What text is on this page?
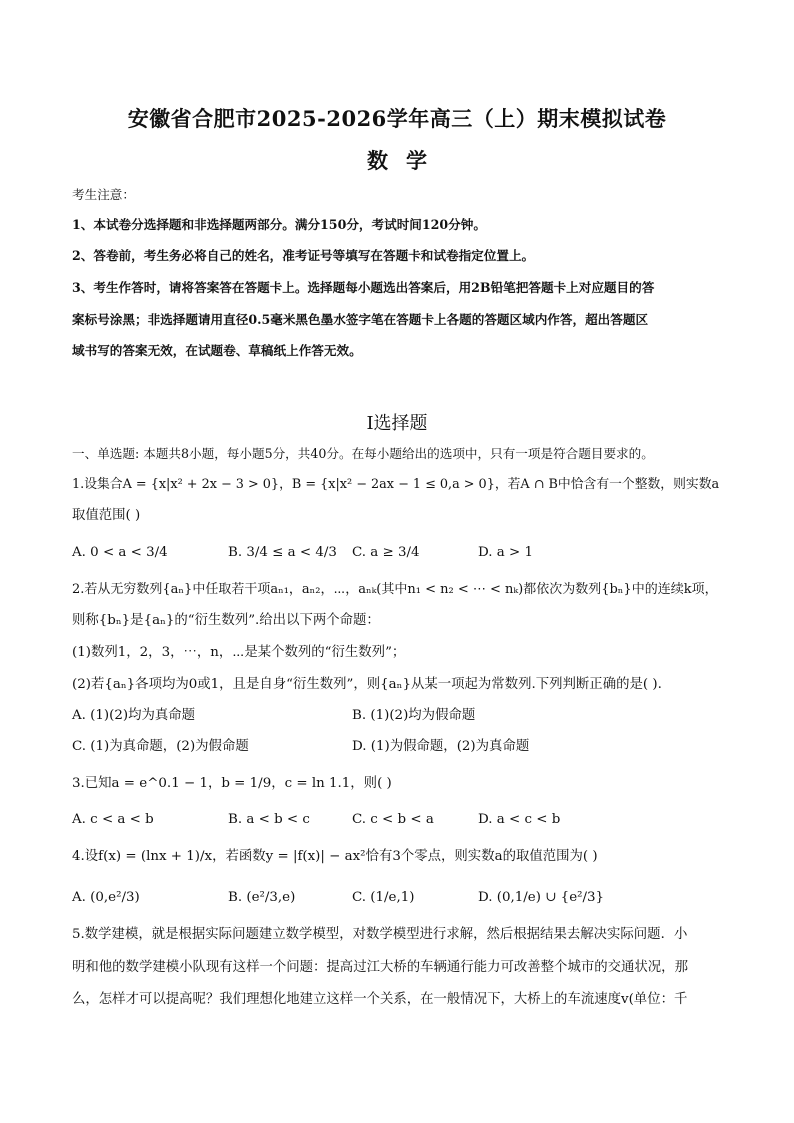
安徽省合肥市2025-2026学年高三（上）期末模拟试卷
数学
考生注意：
1、本试卷分选择题和非选择题两部分。满分150分，考试时间120分钟。
2、答卷前，考生务必将自己的姓名，准考证号等填写在答题卡和试卷指定位置上。
3、考生作答时，请将答案答在答题卡上。选择题每小题选出答案后，用2B铅笔把答题卡上对应题目的答
案标号涂黑；非选择题请用直径0.5毫米黑色墨水签字笔在答题卡上各题的答题区域内作答，超出答题区
域书写的答案无效，在试题卷、草稿纸上作答无效。
Ⅰ选择题
一、单选题: 本题共8小题，每小题5分，共40分。在每小题给出的选项中，只有一项是符合题目要求的。
1.设集合A = {x|x² + 2x − 3 > 0}，B = {x|x² − 2ax − 1 ≤ 0,a > 0}，若A ∩ B中恰含有一个整数，则实数a
取值范围( )
A. 0 < a < 3/4	B. 3/4 ≤ a < 4/3 C. a ≥ 3/4	D. a > 1
2.若从无穷数列{aₙ}中任取若干项aₙ₁，aₙ₂，⋯，aₙₖ(其中n₁ < n₂ < ⋯ < nₖ)都依次为数列{bₙ}中的连续k项，
则称{bₙ}是{aₙ}的“衍生数列”.给出以下两个命题：
(1)数列1，2，3，⋯，n，⋯是某个数列的“衍生数列”；
(2)若{aₙ}各项均为0或1，且是自身“衍生数列”，则{aₙ}从某一项起为常数列.下列判断正确的是( ).
A. (1)(2)均为真命题	B. (1)(2)均为假命题
C. (1)为真命题，(2)为假命题	D. (1)为假命题，(2)为真命题
3.已知a = e^0.1 − 1，b = 1/9，c = ln 1.1，则( )
A. c < a < b	B. a < b < c	C. c < b < a	D. a < c < b
4.设f(x) = (lnx + 1)/x，若函数y = |f(x)| − ax²恰有3个零点，则实数a的取值范围为( )
A. (0,e²/3)	B. (e²/3,e)	C. (1/e,1)	D. (0,1/e) ∪ {e²/3}
5.数学建模，就是根据实际问题建立数学模型，对数学模型进行求解，然后根据结果去解决实际问题．小
明和他的数学建模小队现有这样一个问题：提高过江大桥的车辆通行能力可改善整个城市的交通状况，那
么，怎样才可以提高呢？我们理想化地建立这样一个关系，在一般情况下，大桥上的车流速度v(单位：千
